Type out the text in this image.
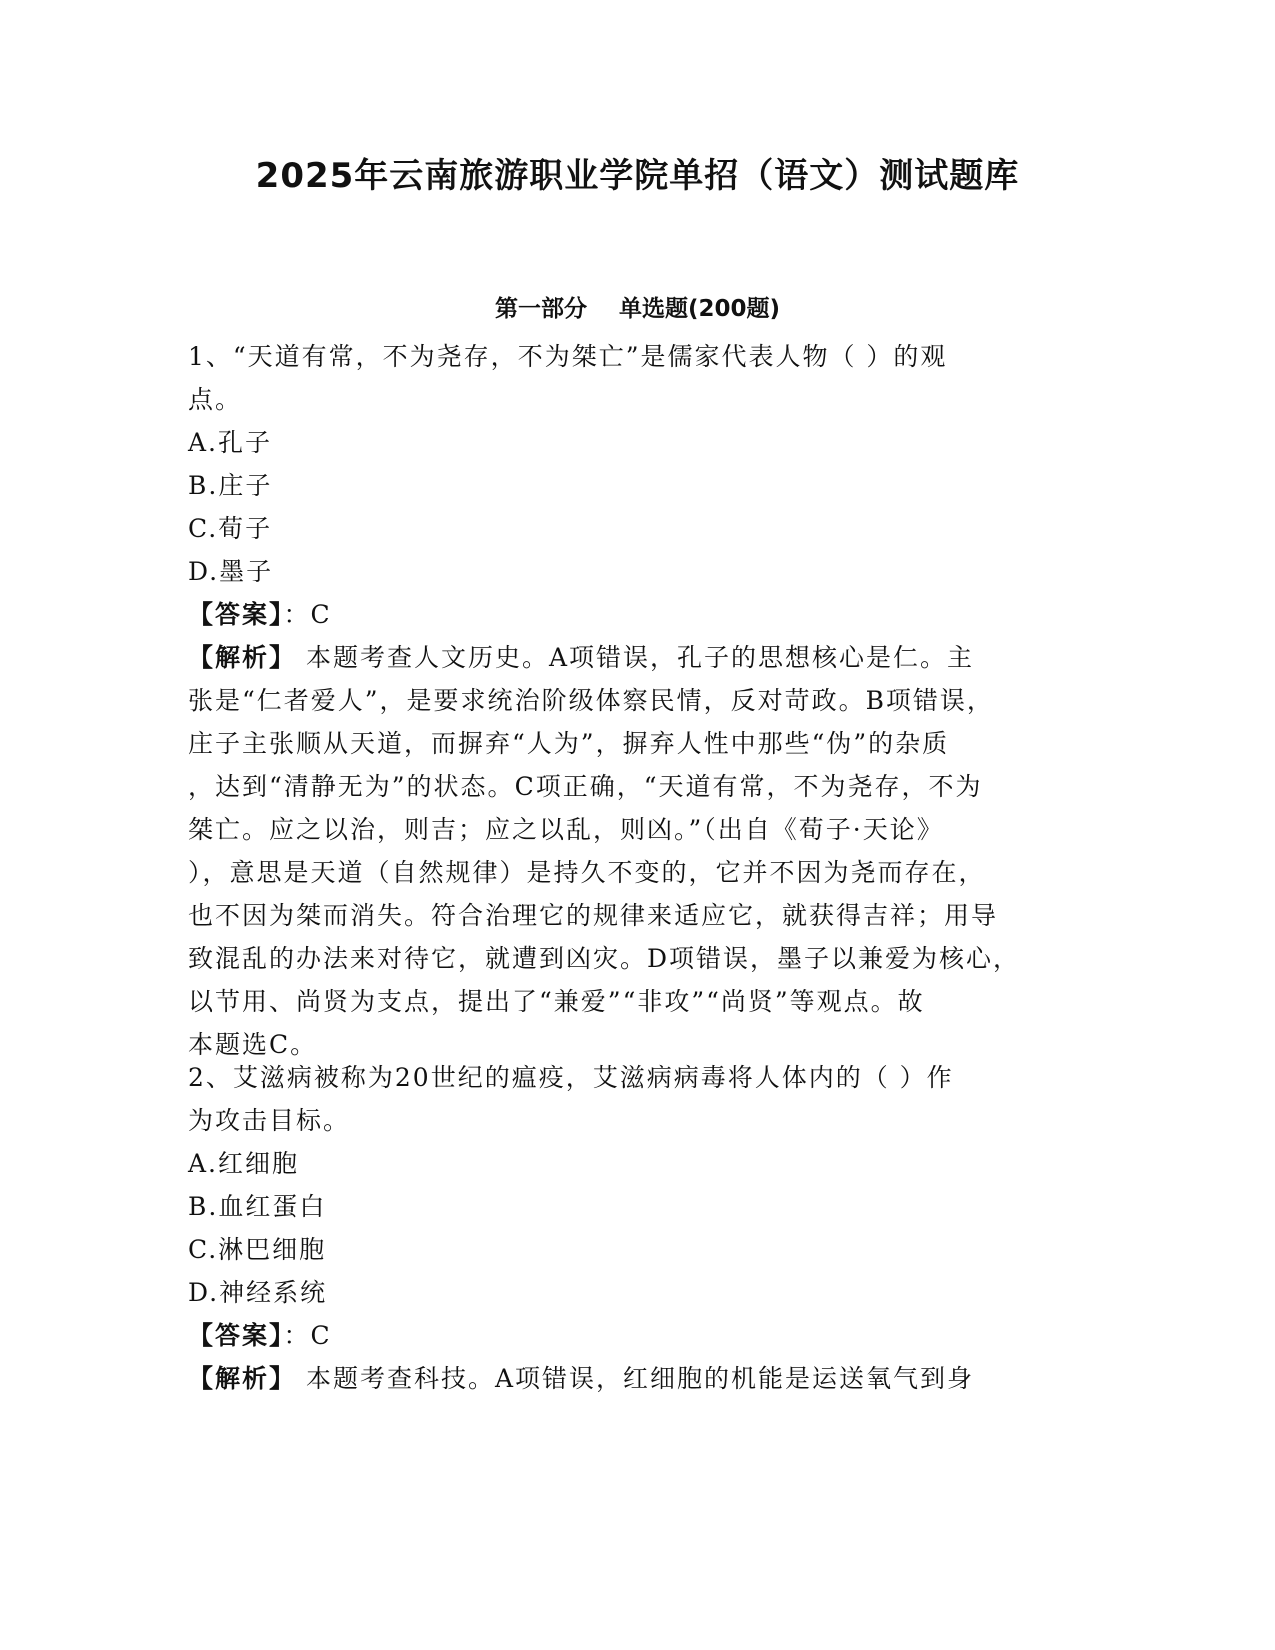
2025年云南旅游职业学院单招（语文）测试题库
第一部分    单选题(200题)
1、“天道有常，不为尧存，不为桀亡”是儒家代表人物（ ）的观
点。
A.孔子
B.庄子
C.荀子
D.墨子
【答案】：C
【解析】 本题考查人文历史。A项错误，孔子的思想核心是仁。主
张是“仁者爱人”，是要求统治阶级体察民情，反对苛政。B项错误，
庄子主张顺从天道，而摒弃“人为”，摒弃人性中那些“伪”的杂质
，达到“清静无为”的状态。C项正确，“天道有常，不为尧存，不为
桀亡。应之以治，则吉；应之以乱，则凶。”（出自《荀子·天论》
），意思是天道（自然规律）是持久不变的，它并不因为尧而存在，
也不因为桀而消失。符合治理它的规律来适应它，就获得吉祥；用导
致混乱的办法来对待它，就遭到凶灾。D项错误，墨子以兼爱为核心，
以节用、尚贤为支点，提出了“兼爱”“非攻”“尚贤”等观点。故
本题选C。
2、艾滋病被称为20世纪的瘟疫，艾滋病病毒将人体内的（ ）作
为攻击目标。
A.红细胞
B.血红蛋白
C.淋巴细胞
D.神经系统
【答案】：C
【解析】 本题考查科技。A项错误，红细胞的机能是运送氧气到身
